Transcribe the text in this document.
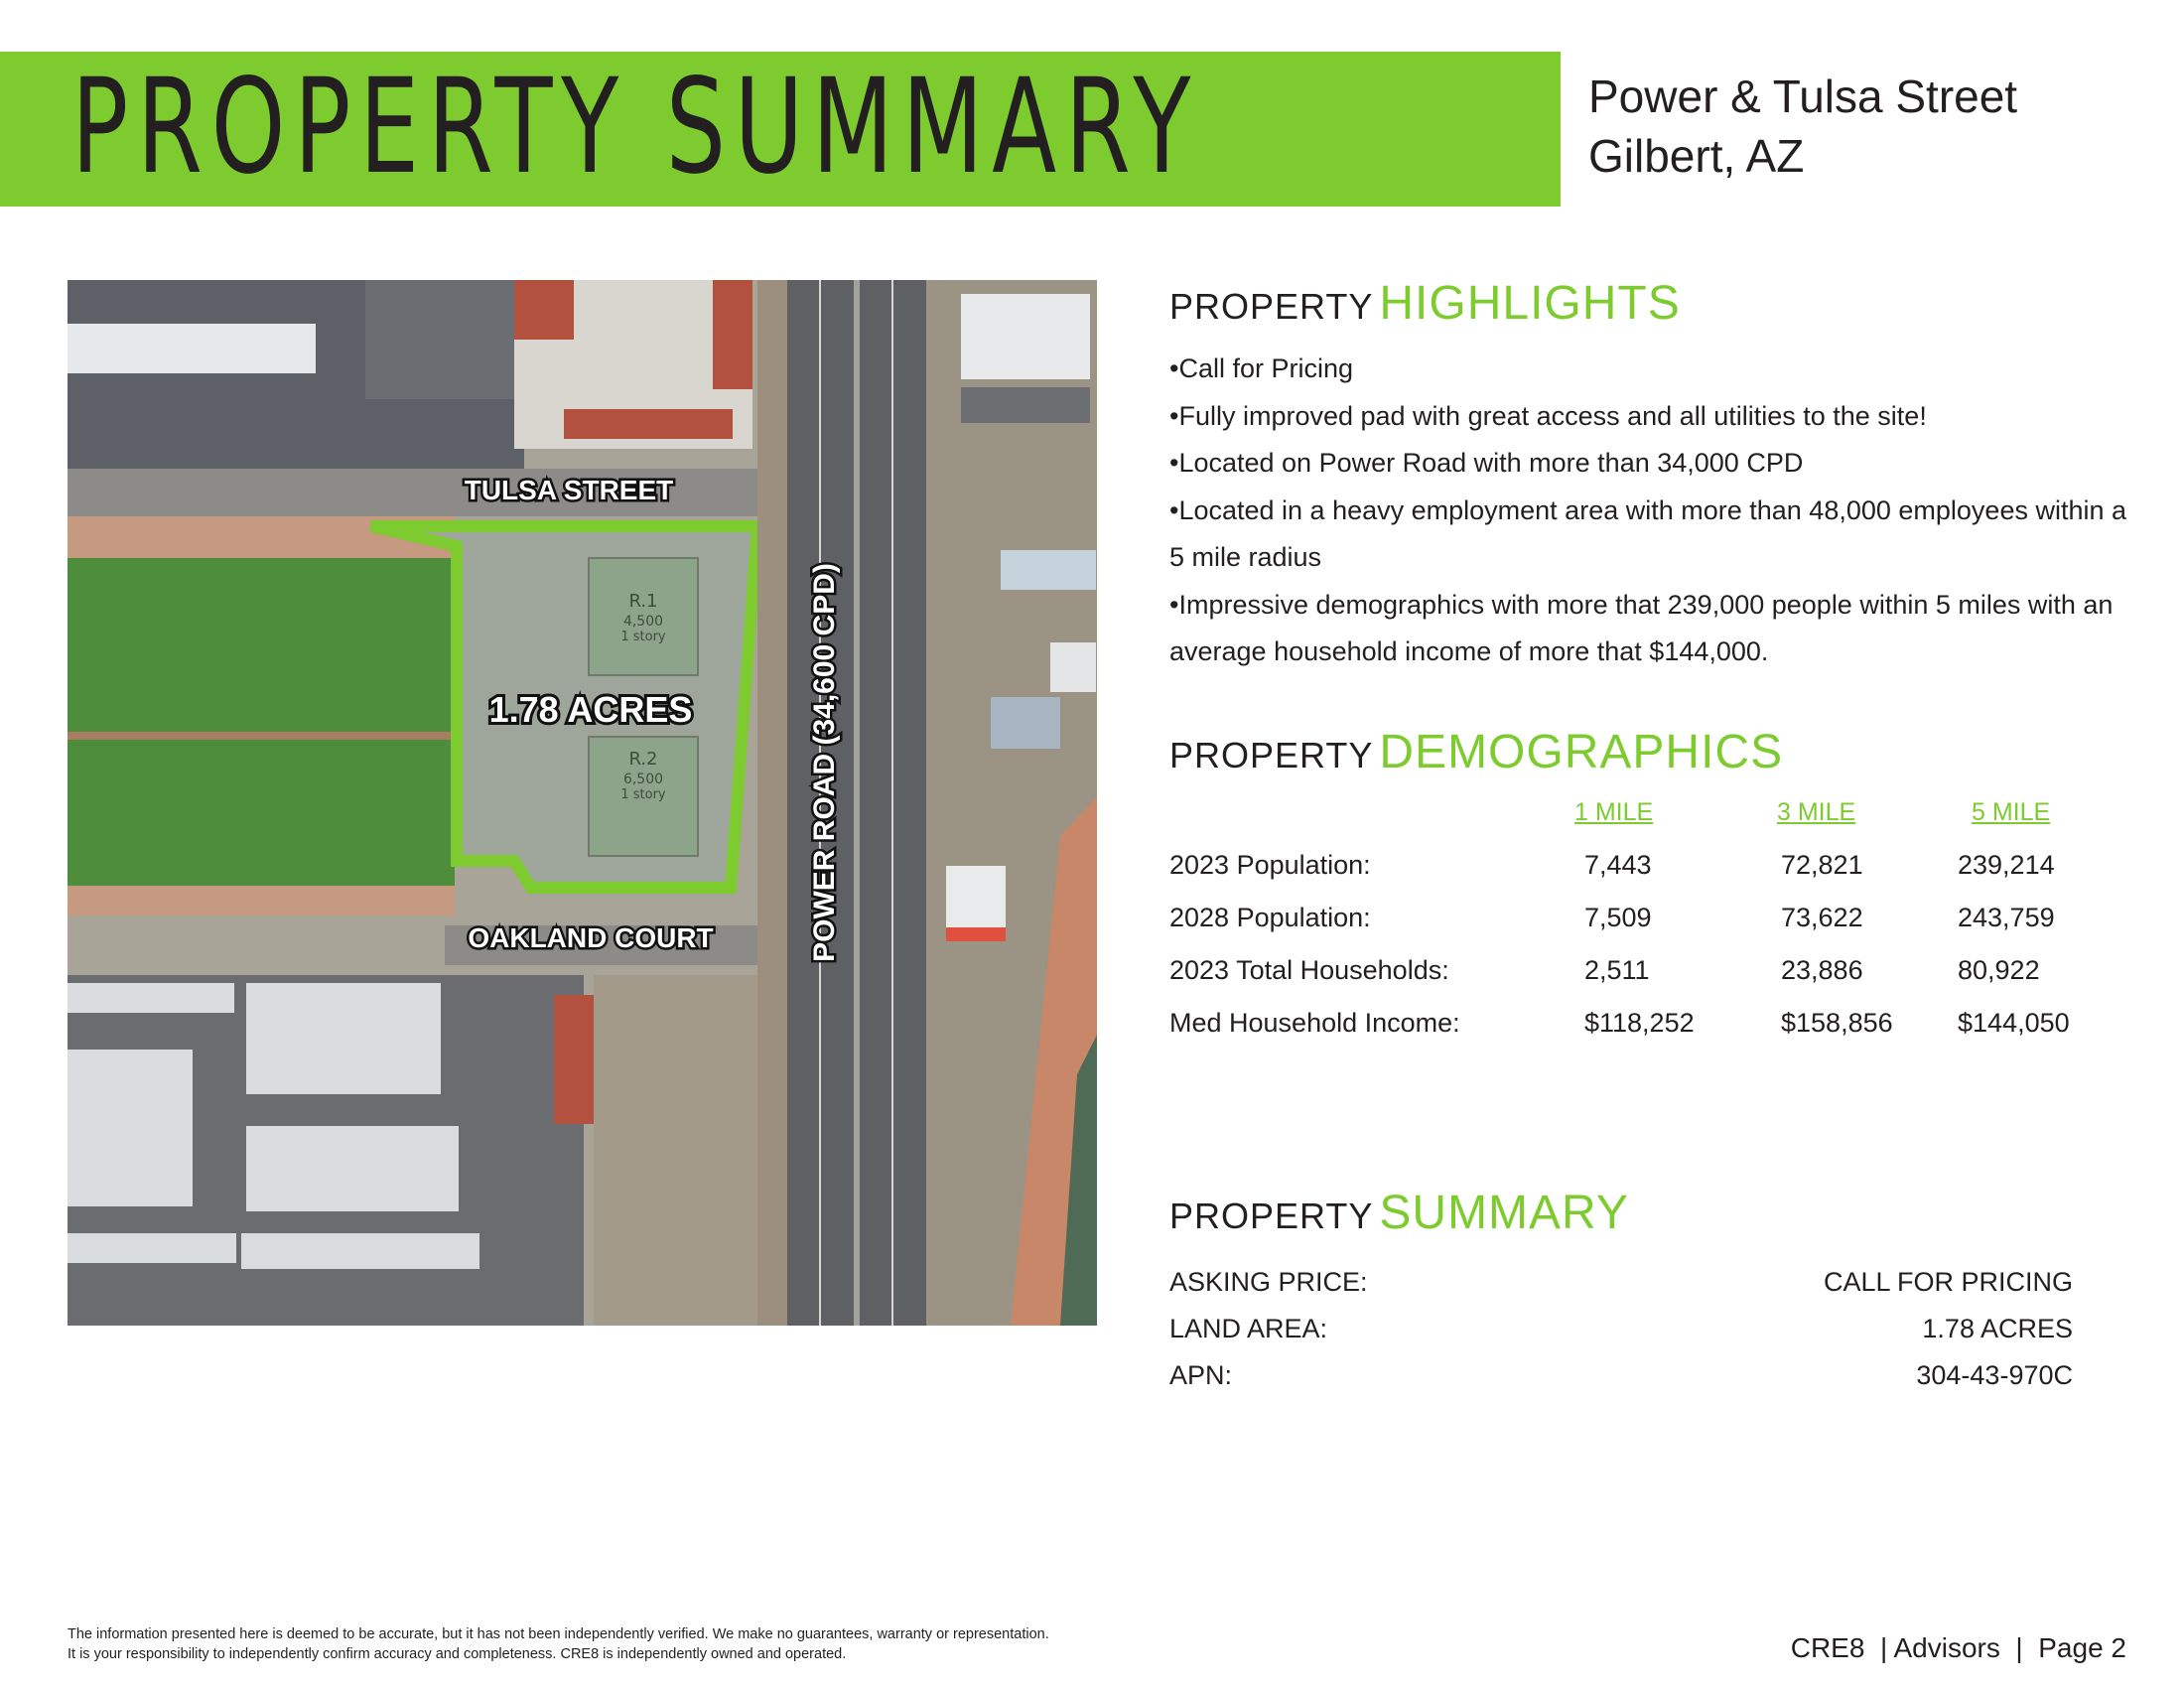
PROPERTY SUMMARY	Power & Tulsa Street
Gilbert, AZ
R.1
4,500
1 story
R.2
6,500
1 story
TULSA STREET
1.78 ACRES
OAKLAND COURT	POWER ROAD (34,600 CPD)
PROPERTY HIGHLIGHTS
• Call for Pricing
• Fully improved pad with great access and all utilities to the site!
• Located on Power Road with more than 34,000 CPD
• Located in a heavy employment area with more than 48,000 employees within a 5 mile radius
• Impressive demographics with more that 239,000 people within 5 miles with an average household income of more that $144,000.
PROPERTY DEMOGRAPHICS
1 MILE	3 MILE	5 MILE
2023 Population:	7,443	72,821	239,214
2028 Population:	7,509	73,622	243,759
2023 Total Households:	2,511	23,886	80,922
Med Household Income:	$118,252	$158,856 $144,050
PROPERTY SUMMARY
ASKING PRICE:	CALL FOR PRICING
LAND AREA:	1.78 ACRES
APN:	304-43-970C

The information presented here is deemed to be accurate, but it has not been independently verified. We make no guarantees, warranty or representation. It is your responsibility to independently confirm accuracy and completeness. CRE8 is independently owned and operated.	CRE8  | Advisors  |  Page 2
